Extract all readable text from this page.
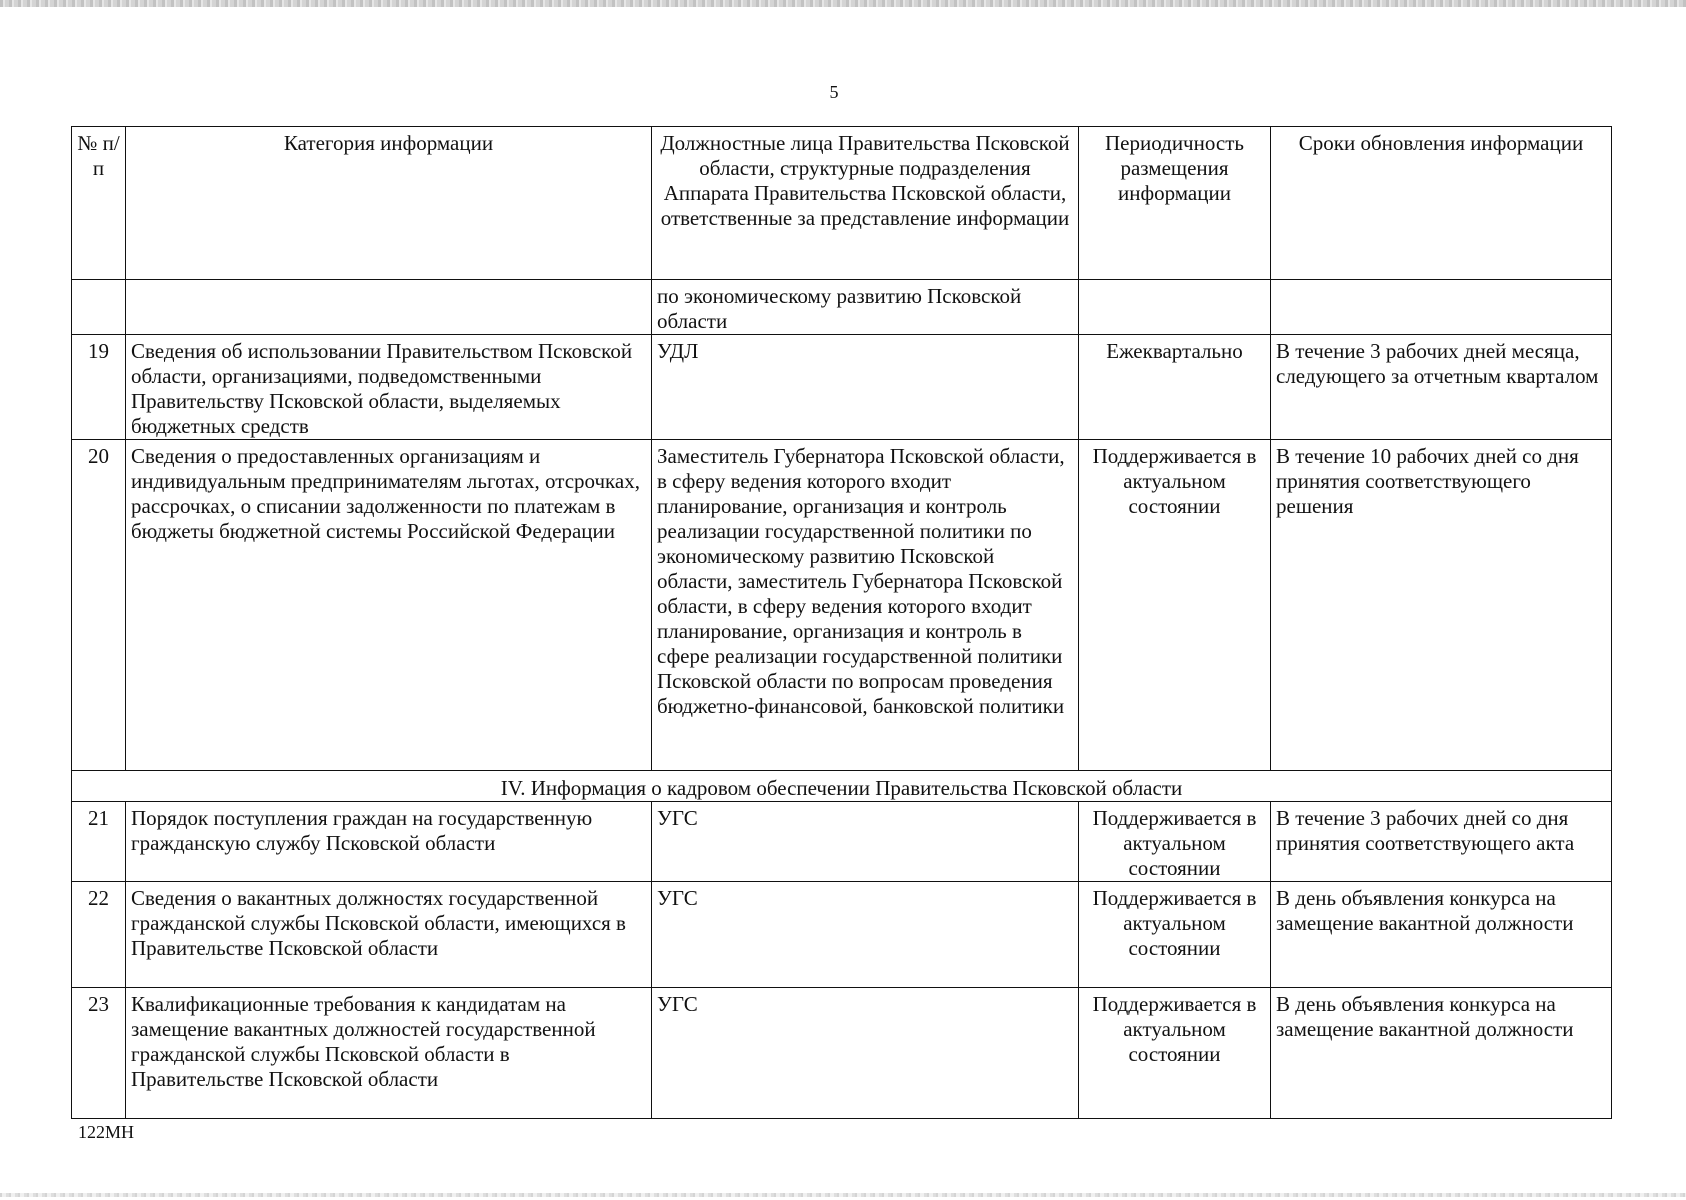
5
№ п/п	Категория информации	Должностные лица Правительства Псковской области, структурные подразделения Аппарата Правительства Псковской области, ответственные за представление информации	Периодичность размещения информации	Сроки обновления информации
		по экономическому развитию Псковской области		
19	Сведения об использовании Правительством Псковской области, организациями, подведомственными Правительству Псковской области, выделяемых бюджетных средств	УДЛ	Ежеквартально	В течение 3 рабочих дней месяца, следующего за отчетным кварталом
20	Сведения о предоставленных организациям и индивидуальным предпринимателям льготах, отсрочках, рассрочках, о списании задолженности по платежам в бюджеты бюджетной системы Российской Федерации	Заместитель Губернатора Псковской области, в сферу ведения которого входит планирование, организация и контроль реализации государственной политики по экономическому развитию Псковской области, заместитель Губернатора Псковской области, в сферу ведения которого входит планирование, организация и контроль в сфере реализации государственной политики Псковской области по вопросам проведения бюджетно-финансовой, банковской политики	Поддерживается в актуальном состоянии	В течение 10 рабочих дней со дня принятия соответствующего решения
IV. Информация о кадровом обеспечении Правительства Псковской области				
21	Порядок поступления граждан на государственную гражданскую службу Псковской области	УГС	Поддерживается в актуальном состоянии	В течение 3 рабочих дней со дня принятия соответствующего акта
22	Сведения о вакантных должностях государственной гражданской службы Псковской области, имеющихся в Правительстве Псковской области	УГС	Поддерживается в актуальном состоянии	В день объявления конкурса на замещение вакантной должности
23	Квалификационные требования к кандидатам на замещение вакантных должностей государственной гражданской службы Псковской области в Правительстве Псковской области	УГС	Поддерживается в актуальном состоянии	В день объявления конкурса на замещение вакантной должности
122МН
